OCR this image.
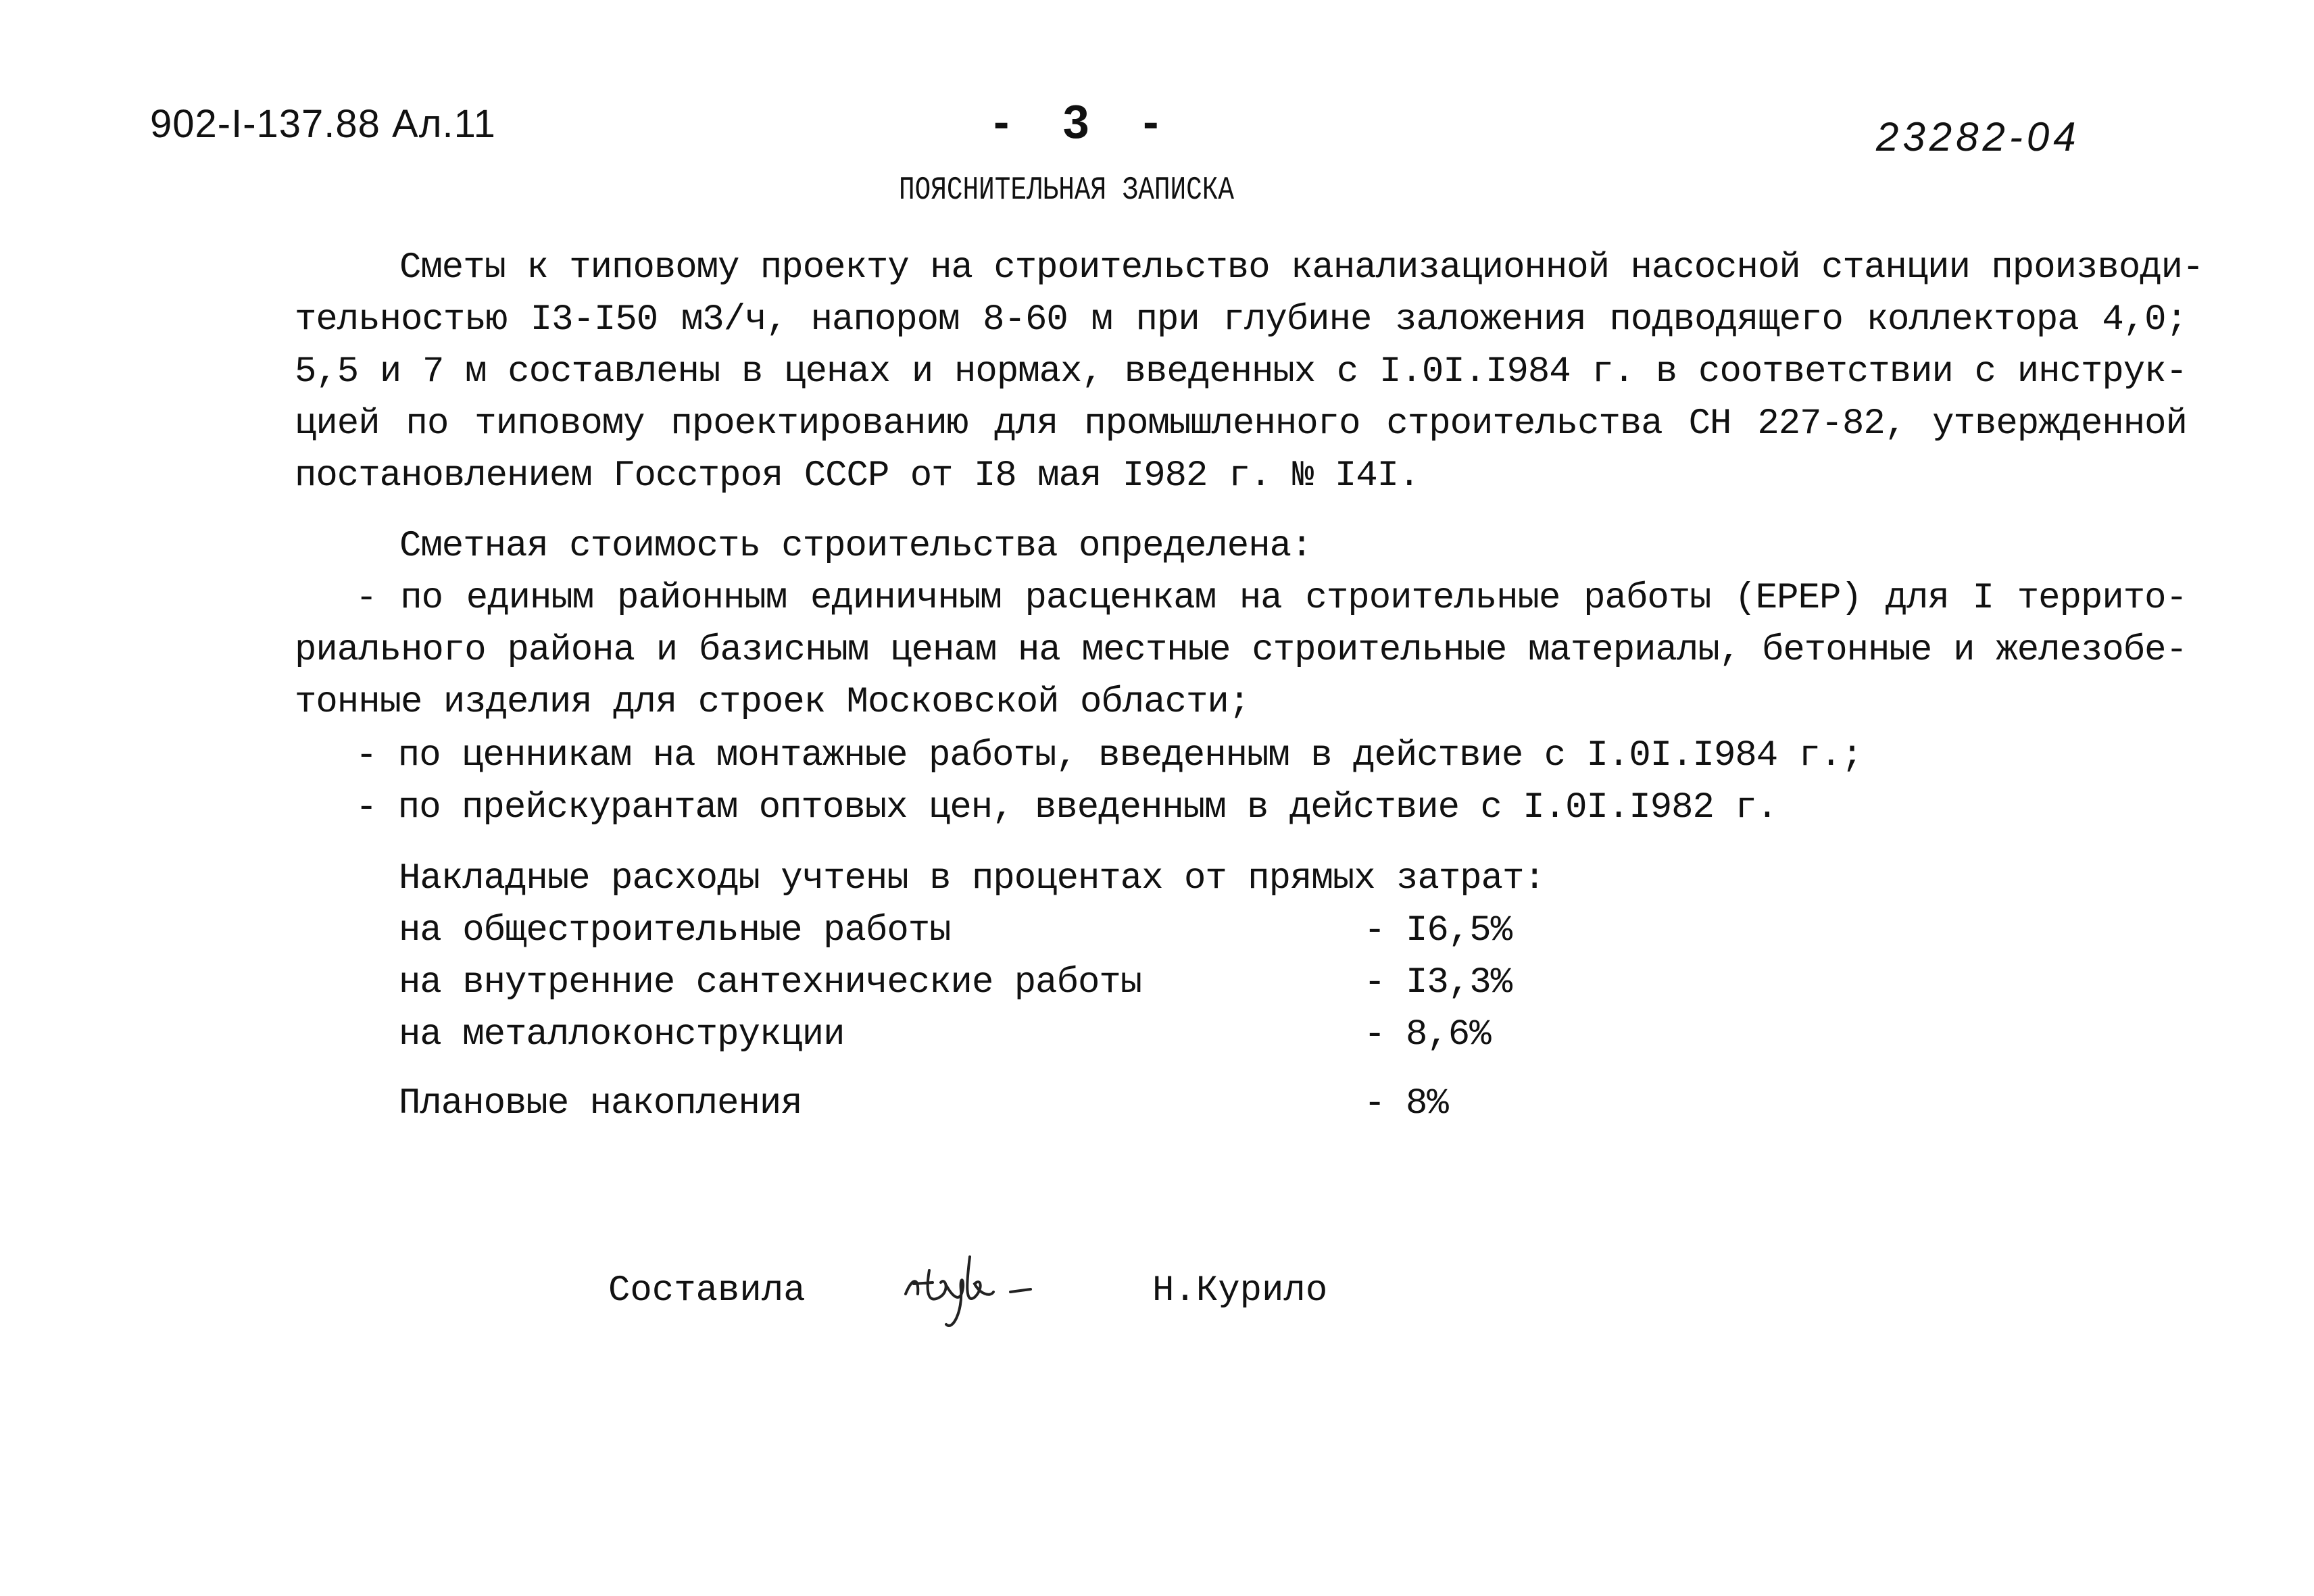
902-I-137.88 Ал.11	- 3 -	23282-04
ПОЯСНИТЕЛЬНАЯ ЗАПИСКА
Сметы к типовому проекту на строительство канализационной насосной станции производи-
тельностью I3-I50 м3/ч, напором 8-60 м при глубине заложения подводящего коллектора 4,0;
5,5 и 7 м составлены в ценах и нормах, введенных с I.0I.I984 г. в соответствии с инструк-
цией по типовому проектированию для промышленного строительства СН 227-82, утвержденной
постановлением Госстроя СССР от I8 мая I982 г. № I4I.
Сметная стоимость строительства определена:
- по единым районным единичным расценкам на строительные работы (ЕРЕР) для I террито-
риального района и базисным ценам на местные строительные материалы, бетонные и железобе-
тонные изделия для строек Московской области;
- по ценникам на монтажные работы, введенным в действие с I.0I.I984 г.;
- по прейскурантам оптовых цен, введенным в действие с I.0I.I982 г.
Накладные расходы учтены в процентах от прямых затрат:
на общестроительные работы	- I6,5%
на внутренние сантехнические работы	- I3,3%
на металлоконструкции	- 8,6%
Плановые накопления	- 8%
Составила	Н.Курило
